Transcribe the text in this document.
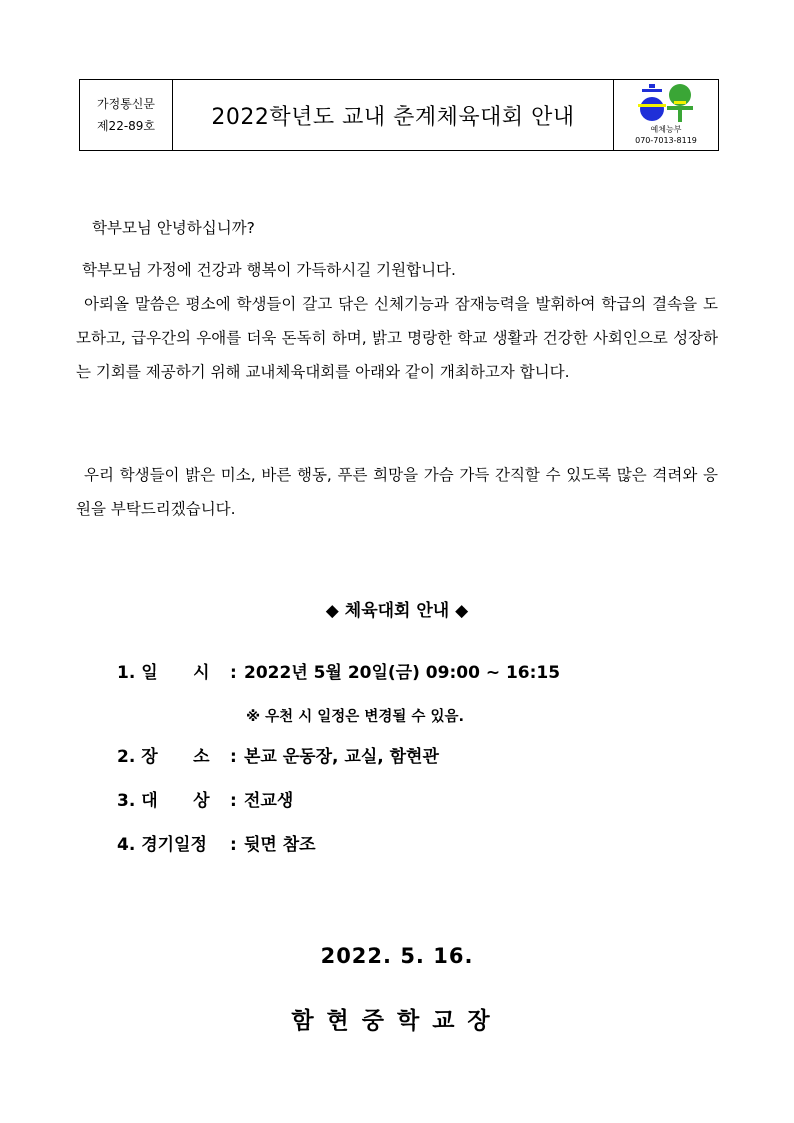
가정통신문
제22-89호	2022학년도 교내 춘계체육대회 안내	예체능부
070-7013-8119
학부모님 안녕하십니까?
학부모님 가정에 건강과 행복이 가득하시길 기원합니다.
아뢰올 말씀은 평소에 학생들이 갈고 닦은 신체기능과 잠재능력을 발휘하여 학급의 결속을 도모하고, 급우간의 우애를 더욱 돈독히 하며, 밝고 명랑한 학교 생활과 건강한 사회인으로 성장하는 기회를 제공하기 위해 교내체육대회를 아래와 같이 개최하고자 합니다.
우리 학생들이 밝은 미소, 바른 행동, 푸른 희망을 가슴 가득 간직할 수 있도록 많은 격려와 응원을 부탁드리겠습니다.
◆ 체육대회 안내 ◆
1. 일      시 : 2022년 5월 20일(금) 09:00 ~ 16:15
※ 우천 시 일정은 변경될 수 있음.
2. 장      소 : 본교 운동장, 교실, 함현관
3. 대      상 : 전교생
4. 경기일정 : 뒷면 참조
2022. 5. 16.
함현중학교장
